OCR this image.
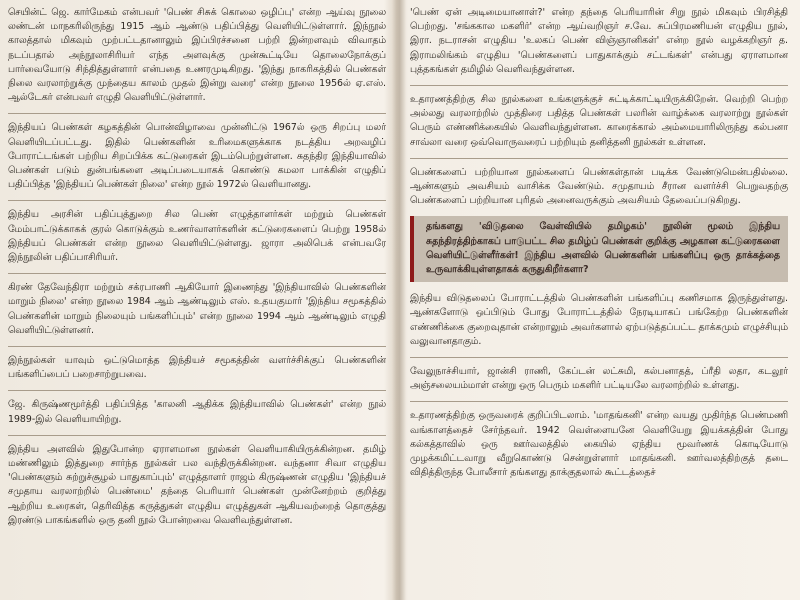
செயின்ட் ஜெ. கார்மேகம் என்பவர் 'பெண் சிசுக் கொலை ஒழிப்பு' என்ற ஆய்வு நூலை லண்டன் மாநகரிலிருந்து 1915 ஆம் ஆண்டு பதிப்பித்து வெளியிட்டுள்ளார். இந்நூல் காலத்தால் மிகவும் முற்பட்டதானாலும் இப்பிரச்சனை பற்றி இன்றளவும் விவாதம் நடப்பதால் அந்நூலாசிரியர் எந்த அளவுக்கு முன்கூட்டியே தொலைநோக்குப் பார்வையோடு சிந்தித்துள்ளார் என்பதை உணரமுடிகிறது. 'இந்து நாகரிகத்தில் பெண்கள் நிலை வரலாற்றுக்கு முந்தைய காலம் முதல் இன்று வரை' என்ற நூலை 1956ல் ஏ.எஸ். ஆல்டேகர் என்பவர் எழுதி வெளியிட்டுள்ளார்.

இந்தியப் பெண்கள் கழகத்தின் பொன்விழாவை முன்னிட்டு 1967ல் ஒரு சிறப்பு மலர் வெளியிடப்பட்டது. இதில் பெண்களின் உரிமைகளுக்காக நடத்திய அறவழிப் போராட்டங்கள் பற்றிய சிறப்பிக்க கட்டுரைகள் இடம்பெற்றுள்ளன. சுதந்திர இந்தியாவில் பெண்கள் படும் துன்பங்களை அடிப்படையாகக் கொண்டு கமலா பாக்கின் எழுதிப் பதிப்பித்த 'இந்தியப் பெண்கள் நிலை' என்ற நூல் 1972ல் வெளியானது.

இந்திய அரசின் பதிப்புத்துறை சில பெண் எழுத்தாளர்கள் மற்றும் பெண்கள் மேம்பாட்டுக்காகக் குரல் கொடுக்கும் உணர்வாளர்களின் கட்டுரைகளைப் பெற்று 1958ல் இந்தியப் பெண்கள் என்ற நூலை வெளியிட்டுள்ளது. ஜாரா அலிபெக் என்பவரே இந்நூலின் பதிப்பாசிரியர்.

கிரண் தேவேந்திரா மற்றும் சக்ரபாணி ஆகியோர் இணைந்து 'இந்தியாவில் பெண்களின் மாறும் நிலை' என்ற நூலை 1984 ஆம் ஆண்டிலும் எஸ். உதயகுமார் 'இந்திய சமூகத்தில் பெண்களின் மாறும் நிலையும் பங்களிப்பும்' என்ற நூலை 1994 ஆம் ஆண்டிலும் எழுதி வெளியிட்டுள்ளனர்.

இந்நூல்கள் யாவும் ஒட்டுமொத்த இந்தியச் சமூகத்தின் வளர்ச்சிக்குப் பெண்களின் பங்களிப்பைப் பறைசாற்றுபவை.

ஜே. கிருஷ்ணமூர்த்தி பதிப்பித்த 'காலனி ஆதிக்க இந்தியாவில் பெண்கள்' என்ற நூல் 1989-இல் வெளியாயிற்று.

இந்திய அளவில் இதுபோன்ற ஏராளமான நூல்கள் வெளியாகியிருக்கின்றன. தமிழ் மண்ணிலும் இத்துறை சார்ந்த நூல்கள் பல வந்திருக்கின்றன. வந்தனா சிவா எழுதிய 'பெண்களும் சுற்றுச்சூழல் பாதுகாப்பும்' எழுத்தாளர் ராஜம் கிருஷ்ணன் எழுதிய 'இந்தியச் சமுதாய வரலாற்றில் பெண்மை' தந்தை பெரியார் பெண்கள் முன்னேற்றம் குறித்து ஆற்றிய உரைகள், தெரிவித்த கருத்துகள் எழுதிய எழுத்துகள் ஆகியவற்றைத் தொகுத்து இரண்டு பாகங்களில் ஒரு தனி நூல் போன்றவை வெளிவந்துள்ளன.

'பெண் ஏன் அடிமையானாள்?' என்ற தந்தை பெரியாரின் சிறு நூல் மிகவும் பிரசித்தி பெற்றது. 'சங்ககால மகளிர்' என்ற ஆய்வறிஞர் ச.வே. சுப்பிரமணியன் எழுதிய நூல், இரா. நடராசன் எழுதிய 'உலகப் பெண் விஞ்ஞானிகள்' என்ற நூல் வழக்கறிஞர் த. இராமலிங்கம் எழுதிய 'பெண்களைப் பாதுகாக்கும் சட்டங்கள்' என்பது ஏராளமான புத்தகங்கள் தமிழில் வெளிவந்துள்ளன.

உதாரணத்திற்கு சில நூல்களை உங்களுக்குச் சுட்டிக்காட்டியிருக்கிறேன். வெற்றி பெற்ற அல்லது வரலாற்றில் முத்திரை பதித்த பெண்கள் பலரின் வாழ்க்கை வரலாற்று நூல்கள் பெரும் எண்ணிக்கையில் வெளிவந்துள்ளன. காரைக்கால் அம்மையாரிலிருந்து கல்பனா சாவ்லா வரை ஒவ்வொருவரைப் பற்றியும் தனித்தனி நூல்கள் உள்ளன.

பெண்களைப் பற்றியான நூல்களைப் பெண்கள்தான் படிக்க வேண்டுமென்பதில்லை. ஆண்களும் அவசியம் வாசிக்க வேண்டும். சமுதாயம் சீரான வளர்ச்சி பெறுவதற்கு பெண்களைப் பற்றியான புரிதல் அனைவருக்கும் அவசியம் தேவைப்படுகிறது.

தங்களது 'விடுதலை வேள்வியில் தமிழகம்' நூலின் மூலம் இந்திய சுதந்திரத்திற்காகப் பாடுபட்ட சில தமிழ்ப் பெண்கள் குறிக்கு அழகான கட்டுரைகளை வெளியிட்டுள்ளீர்கள்! இந்திய அளவில் பெண்களின் பங்களிப்பு ஒரு தாக்கத்தை உருவாக்கியுள்ளதாகக் கருதுகிறீர்களா?

இந்திய விடுதலைப் போராட்டத்தில் பெண்களின் பங்களிப்பு கணிசமாக இருந்துள்ளது. ஆண்களோடு ஒப்பிடும் போது போராட்டத்தில் நேரடியாகப் பங்கேற்ற பெண்களின் எண்ணிக்கை குறைவுதான் என்றாலும் அவர்களால் ஏற்படுத்தப்பட்ட தாக்கமும் எழுச்சியும் வலுவானதாகும்.

வேலுநாச்சியார், ஜான்சி ராணி, கேப்டன் லட்சுமி, கல்பனாதத், ப்ரீதி லதா, கடலூர் அஞ்சலையம்மாள் என்று ஒரு பெரும் மகளிர் பட்டியலே வரலாற்றில் உள்ளது.

உதாரணத்திற்கு ஒருவரைக் குறிப்பிடலாம். 'மாதங்கனி' என்ற வயது முதிர்ந்த பெண்மணி வங்காளத்தைச் சேர்ந்தவர். 1942 வெள்ளையனே வெளியேறு இயக்கத்தின் போது கல்கத்தாவில் ஒரு ஊர்வலத்தில் கையில் ஏந்திய மூவர்ணக் கொடியோடு முழக்கமிட்டவாறு வீறுகொண்டு சென்றுள்ளார் மாதங்கனி. ஊர்வலத்திற்குத் தடை விதித்திருந்த போலீசார் தங்களது தாக்குதலால் கூட்டத்தைச்
